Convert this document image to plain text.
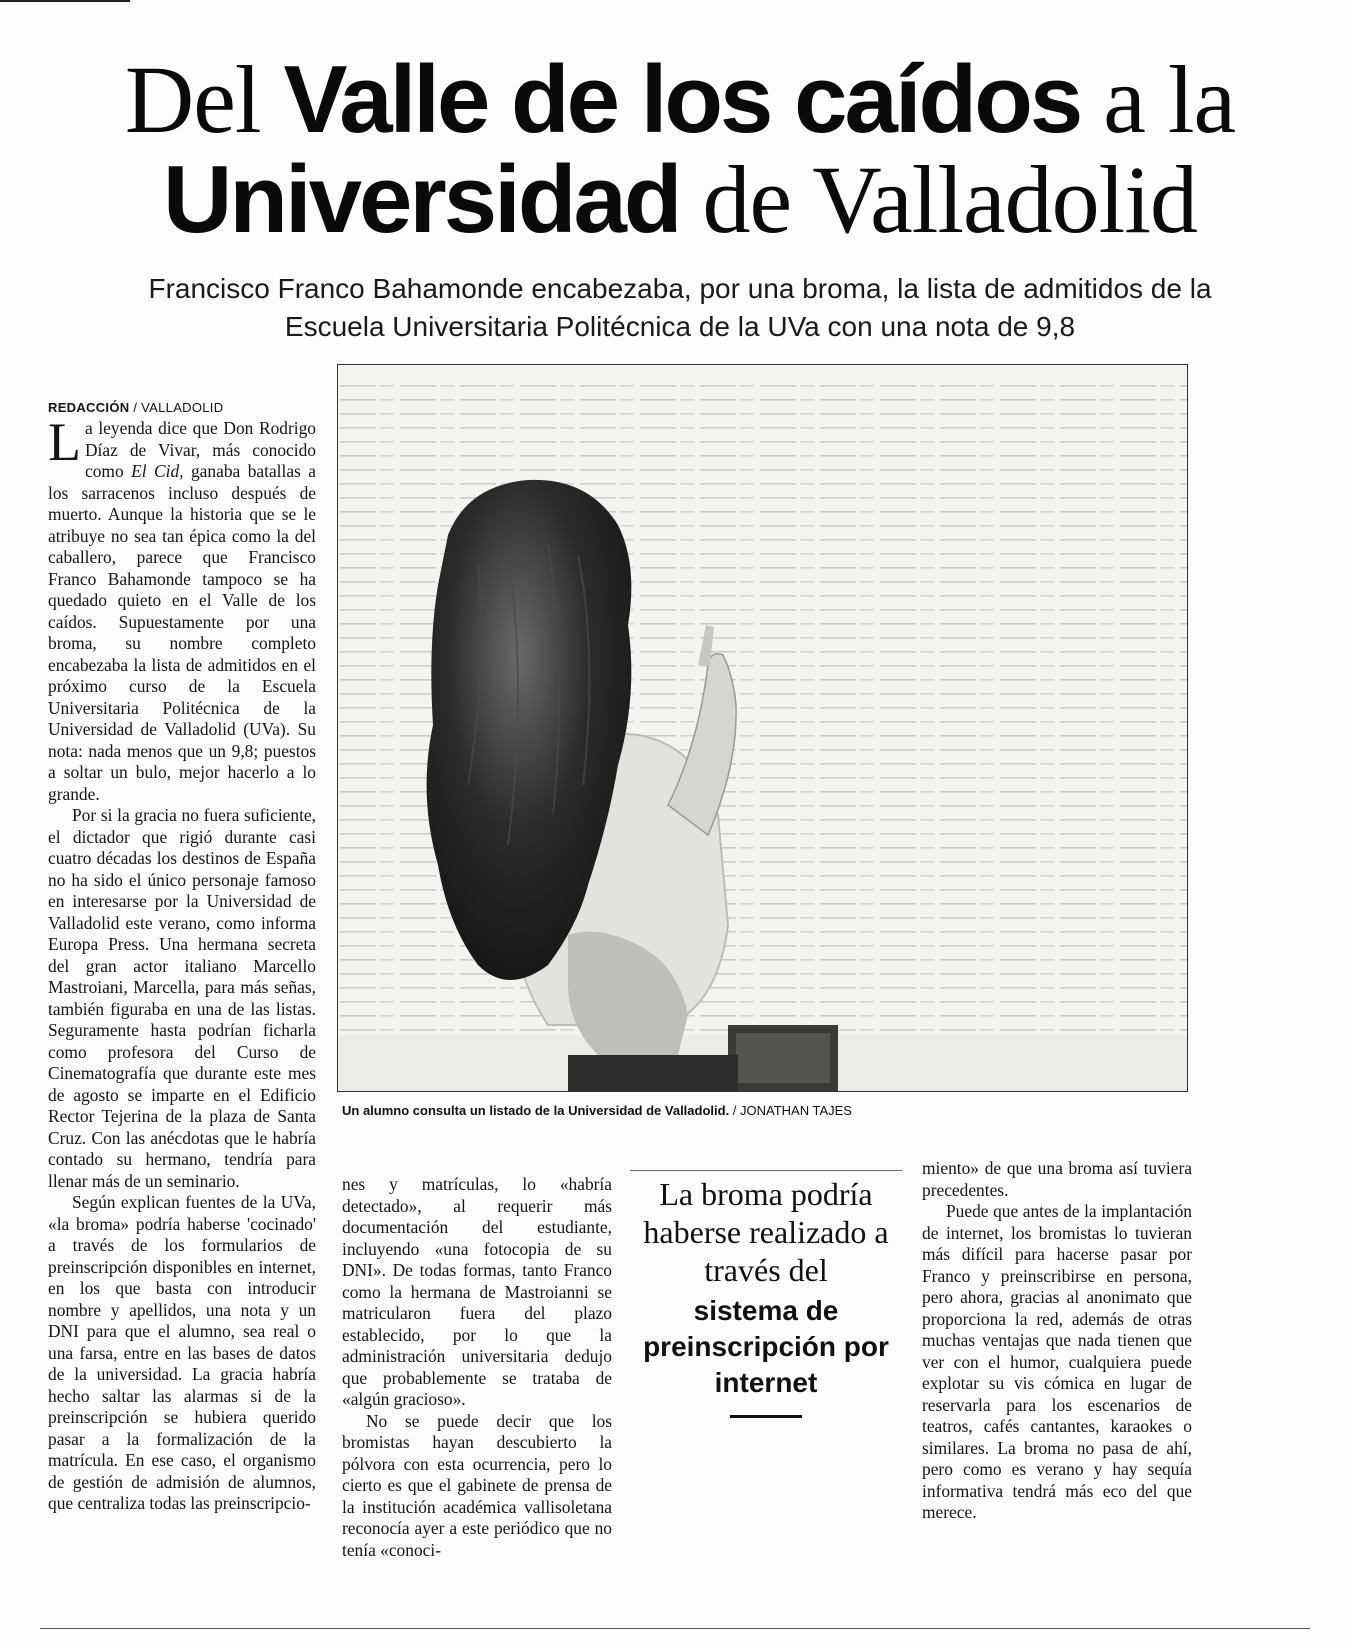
Del Valle de los caídos a la
Universidad de Valladolid
Francisco Franco Bahamonde encabezaba, por una broma, la lista de admitidos de la
Escuela Universitaria Politécnica de la UVa con una nota de 9,8
REDACCIÓN / VALLADOLID

La leyenda dice que Don Rodrigo Díaz de Vivar, más conocido como El Cid, ganaba batallas a los sarracenos incluso después de muerto. Aunque la historia que se le atribuye no sea tan épica como la del caballero, parece que Francisco Franco Bahamonde tampoco se ha quedado quieto en el Valle de los caídos. Supuestamente por una broma, su nombre completo encabezaba la lista de admitidos en el próximo curso de la Escuela Universitaria Politécnica de la Universidad de Valladolid (UVa). Su nota: nada menos que un 9,8; puestos a soltar un bulo, mejor hacerlo a lo grande.

Por si la gracia no fuera suficiente, el dictador que rigió durante casi cuatro décadas los destinos de España no ha sido el único personaje famoso en interesarse por la Universidad de Valladolid este verano, como informa Europa Press. Una hermana secreta del gran actor italiano Marcello Mastroiani, Marcella, para más señas, también figuraba en una de las listas. Seguramente hasta podrían ficharla como profesora del Curso de Cinematografía que durante este mes de agosto se imparte en el Edificio Rector Tejerina de la plaza de Santa Cruz. Con las anécdotas que le habría contado su hermano, tendría para llenar más de un seminario.

Según explican fuentes de la UVa, «la broma» podría haberse 'cocinado' a través de los formularios de preinscripción disponibles en internet, en los que basta con introducir nombre y apellidos, una nota y un DNI para que el alumno, sea real o una farsa, entre en las bases de datos de la universidad. La gracia habría hecho saltar las alarmas si de la preinscripción se hubiera querido pasar a la formalización de la matrícula. En ese caso, el organismo de gestión de admisión de alumnos, que centraliza todas las preinscripcio-

Un alumno consulta un listado de la Universidad de Valladolid. / JONATHAN TAJES

nes y matrículas, lo «habría detectado», al requerir más documentación del estudiante, incluyendo «una fotocopia de su DNI». De todas formas, tanto Franco como la hermana de Mastroianni se matricularon fuera del plazo establecido, por lo que la administración universitaria dedujo que probablemente se trataba de «algún gracioso».

No se puede decir que los bromistas hayan descubierto la pólvora con esta ocurrencia, pero lo cierto es que el gabinete de prensa de la institución académica vallisoletana reconocía ayer a este periódico que no tenía «conoci-

La broma podría haberse realizado a través del
sistema de preinscripción por internet

miento» de que una broma así tuviera precedentes.

Puede que antes de la implantación de internet, los bromistas lo tuvieran más difícil para hacerse pasar por Franco y preinscribirse en persona, pero ahora, gracias al anonimato que proporciona la red, además de otras muchas ventajas que nada tienen que ver con el humor, cualquiera puede explotar su vis cómica en lugar de reservarla para los escenarios de teatros, cafés cantantes, karaokes o similares. La broma no pasa de ahí, pero como es verano y hay sequía informativa tendrá más eco del que merece.
